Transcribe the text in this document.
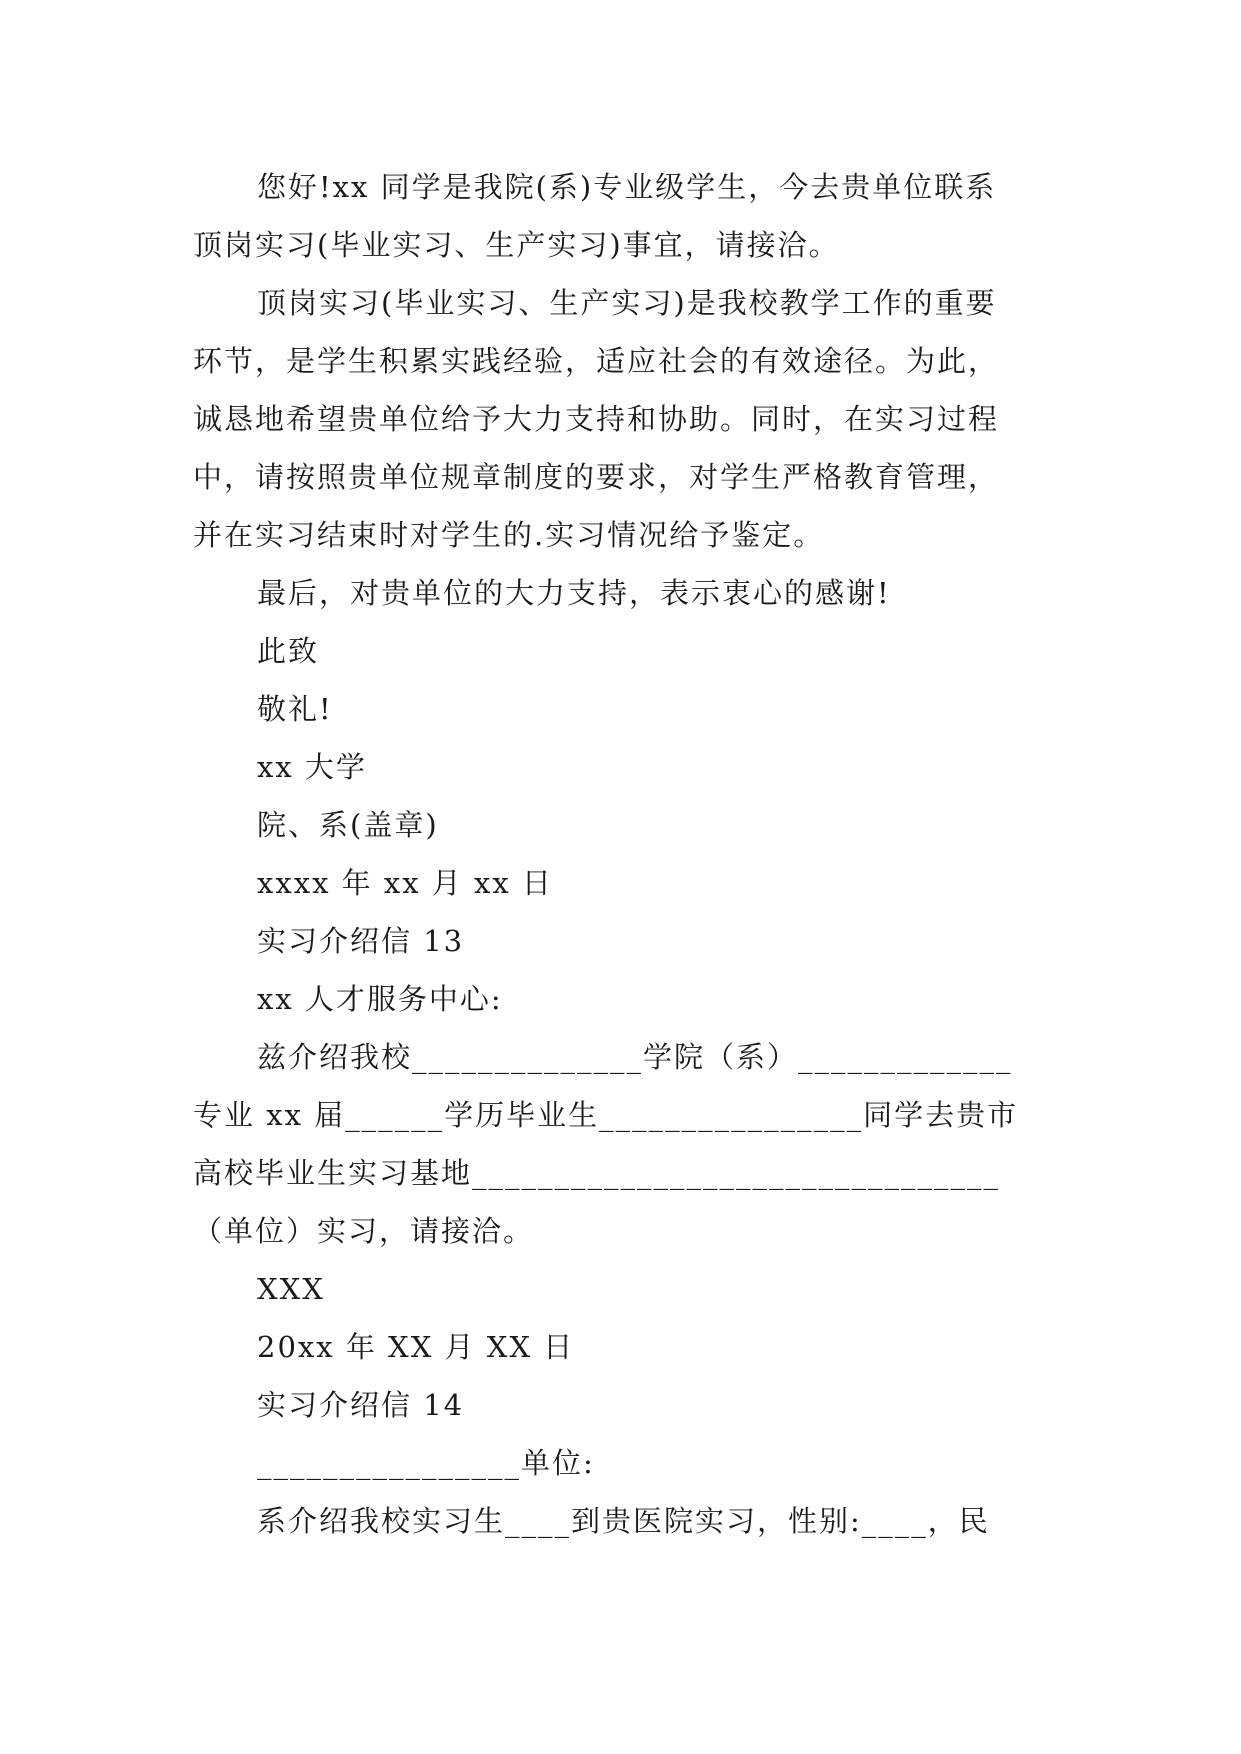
您好!xx 同学是我院(系)专业级学生，今去贵单位联系
顶岗实习(毕业实习、生产实习)事宜，请接洽。
顶岗实习(毕业实习、生产实习)是我校教学工作的重要
环节，是学生积累实践经验，适应社会的有效途径。为此，
诚恳地希望贵单位给予大力支持和协助。同时，在实习过程
中，请按照贵单位规章制度的要求，对学生严格教育管理，
并在实习结束时对学生的.实习情况给予鉴定。
最后，对贵单位的大力支持，表示衷心的感谢!
此致
敬礼!
xx 大学
院、系(盖章)
xxxx 年 xx 月 xx 日
实习介绍信 13
xx 人才服务中心:
兹介绍我校______________学院（系）_____________
专业 xx 届______学历毕业生________________同学去贵市
高校毕业生实习基地________________________________
（单位）实习，请接洽。
XXX
20xx 年 XX 月 XX 日
实习介绍信 14
________________单位:
系介绍我校实习生____到贵医院实习，性别:____，民
